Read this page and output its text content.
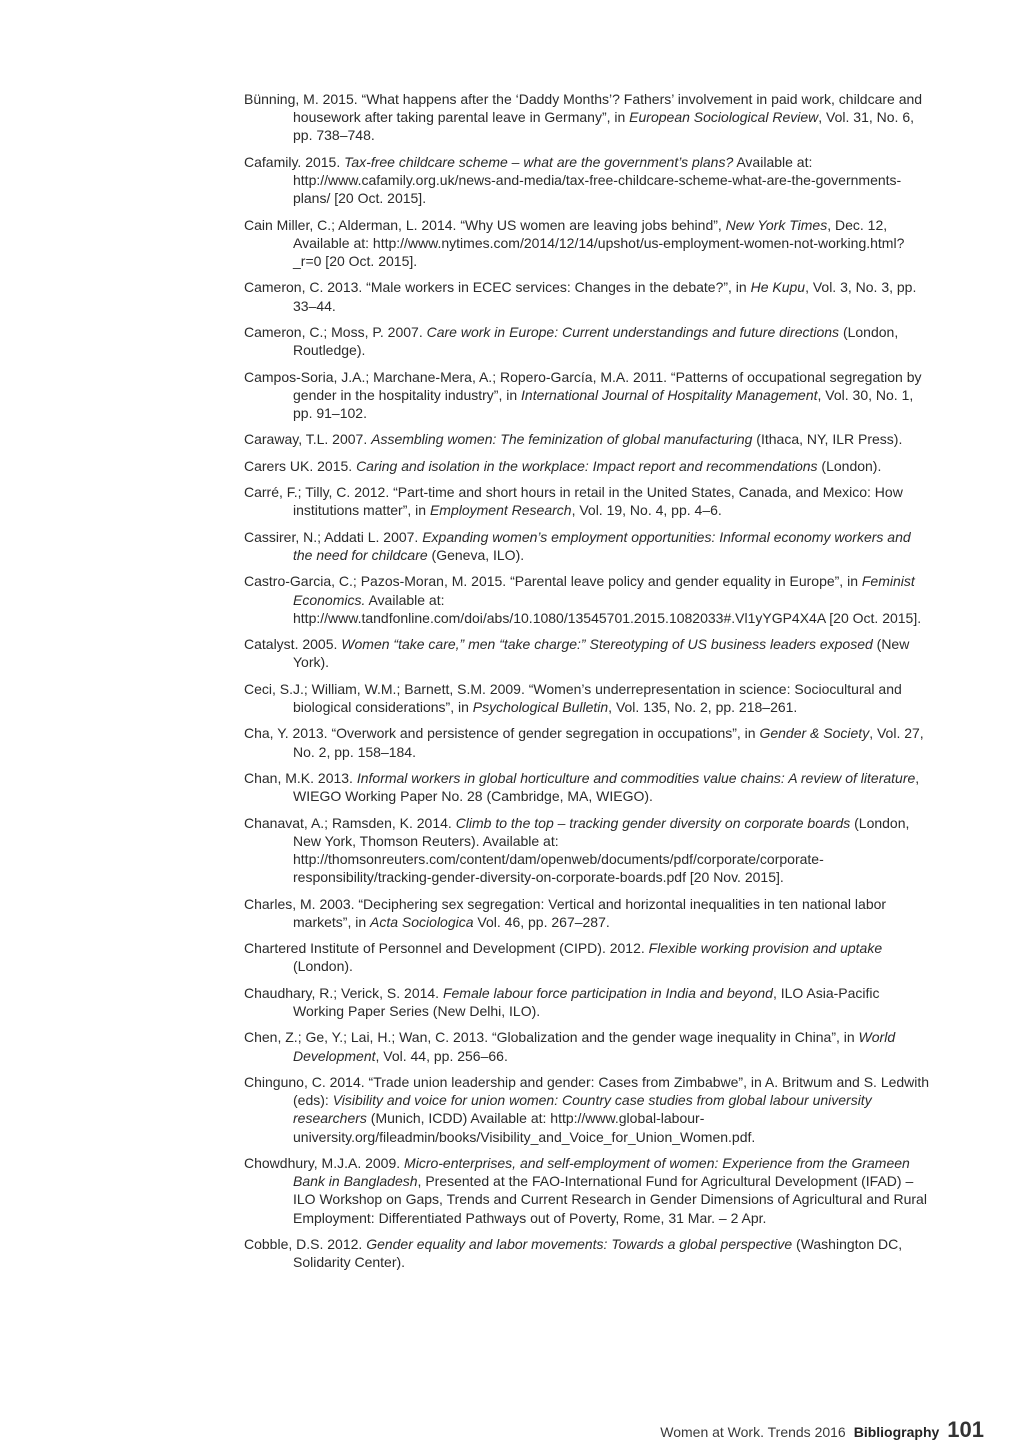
Bünning, M. 2015. “What happens after the ‘Daddy Months’? Fathers’ involvement in paid work, childcare and housework after taking parental leave in Germany”, in European Sociological Review, Vol. 31, No. 6, pp. 738–748.
Cafamily. 2015. Tax-free childcare scheme – what are the government’s plans? Available at: http://www.cafamily.org.uk/news-and-media/tax-free-childcare-scheme-what-are-the-governments-plans/ [20 Oct. 2015].
Cain Miller, C.; Alderman, L. 2014. “Why US women are leaving jobs behind”, New York Times, Dec. 12, Available at: http://www.nytimes.com/2014/12/14/upshot/us-employment-women-not-working.html?_r=0 [20 Oct. 2015].
Cameron, C. 2013. “Male workers in ECEC services: Changes in the debate?”, in He Kupu, Vol. 3, No. 3, pp. 33–44.
Cameron, C.; Moss, P. 2007. Care work in Europe: Current understandings and future directions (London, Routledge).
Campos-Soria, J.A.; Marchane-Mera, A.; Ropero-García, M.A. 2011. “Patterns of occupational segregation by gender in the hospitality industry”, in International Journal of Hospitality Management, Vol. 30, No. 1, pp. 91–102.
Caraway, T.L. 2007. Assembling women: The feminization of global manufacturing (Ithaca, NY, ILR Press).
Carers UK. 2015. Caring and isolation in the workplace: Impact report and recommendations (London).
Carré, F.; Tilly, C. 2012. “Part-time and short hours in retail in the United States, Canada, and Mexico: How institutions matter”, in Employment Research, Vol. 19, No. 4, pp. 4–6.
Cassirer, N.; Addati L. 2007. Expanding women’s employment opportunities: Informal economy workers and the need for childcare (Geneva, ILO).
Castro-Garcia, C.; Pazos-Moran, M. 2015. “Parental leave policy and gender equality in Europe”, in Feminist Economics. Available at: http://www.tandfonline.com/doi/abs/10.1080/13545701.2015.1082033#.Vl1yYGP4X4A [20 Oct. 2015].
Catalyst. 2005. Women “take care,” men “take charge:” Stereotyping of US business leaders exposed (New York).
Ceci, S.J.; William, W.M.; Barnett, S.M. 2009. “Women’s underrepresentation in science: Sociocultural and biological considerations”, in Psychological Bulletin, Vol. 135, No. 2, pp. 218–261.
Cha, Y. 2013. “Overwork and persistence of gender segregation in occupations”, in Gender & Society, Vol. 27, No. 2, pp. 158–184.
Chan, M.K. 2013. Informal workers in global horticulture and commodities value chains: A review of literature, WIEGO Working Paper No. 28 (Cambridge, MA, WIEGO).
Chanavat, A.; Ramsden, K. 2014. Climb to the top – tracking gender diversity on corporate boards (London, New York, Thomson Reuters). Available at: http://thomsonreuters.com/content/dam/openweb/documents/pdf/corporate/corporate-responsibility/tracking-gender-diversity-on-corporate-boards.pdf [20 Nov. 2015].
Charles, M. 2003. “Deciphering sex segregation: Vertical and horizontal inequalities in ten national labor markets”, in Acta Sociologica Vol. 46, pp. 267–287.
Chartered Institute of Personnel and Development (CIPD). 2012. Flexible working provision and uptake (London).
Chaudhary, R.; Verick, S. 2014. Female labour force participation in India and beyond, ILO Asia-Pacific Working Paper Series (New Delhi, ILO).
Chen, Z.; Ge, Y.; Lai, H.; Wan, C. 2013. “Globalization and the gender wage inequality in China”, in World Development, Vol. 44, pp. 256–66.
Chinguno, C. 2014. “Trade union leadership and gender: Cases from Zimbabwe”, in A. Britwum and S. Ledwith (eds): Visibility and voice for union women: Country case studies from global labour university researchers (Munich, ICDD) Available at: http://www.global-labour-university.org/fileadmin/books/Visibility_and_Voice_for_Union_Women.pdf.
Chowdhury, M.J.A. 2009. Micro-enterprises, and self-employment of women: Experience from the Grameen Bank in Bangladesh, Presented at the FAO-International Fund for Agricultural Development (IFAD) – ILO Workshop on Gaps, Trends and Current Research in Gender Dimensions of Agricultural and Rural Employment: Differentiated Pathways out of Poverty, Rome, 31 Mar. – 2 Apr.
Cobble, D.S. 2012. Gender equality and labor movements: Towards a global perspective (Washington DC, Solidarity Center).
Women at Work. Trends 2016 Bibliography 101
